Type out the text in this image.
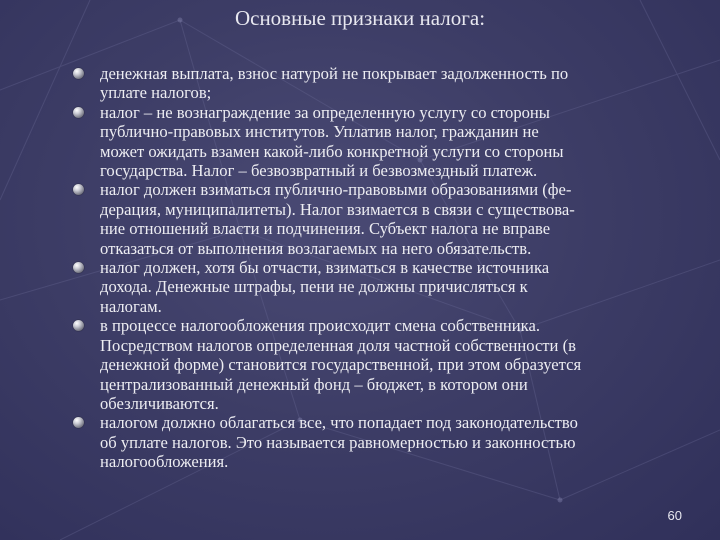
Основные признаки налога:
денежная выплата, взнос натурой не покрывает задолженность по
уплате налогов;
налог – не вознаграждение за определенную услугу со стороны
публично-правовых институтов. Уплатив налог, гражданин не
может ожидать взамен какой-либо конкретной услуги со стороны
государства. Налог – безвозвратный и безвозмездный платеж.
налог должен взиматься публично-правовыми образованиями (фе-
дерация, муниципалитеты). Налог взимается в связи с существова-
ние отношений власти и подчинения. Субъект налога не вправе
отказаться от выполнения возлагаемых на него обязательств.
налог должен, хотя бы отчасти, взиматься в качестве источника
дохода. Денежные штрафы, пени не должны причисляться к
налогам.
в процессе налогообложения происходит смена собственника.
Посредством налогов определенная доля частной собственности (в
денежной форме) становится государственной, при этом образуется
централизованный денежный фонд – бюджет, в котором они
обезличиваются.
налогом должно облагаться все, что попадает под законодательство
об уплате налогов. Это называется равномерностью и законностью
налогообложения.
60
